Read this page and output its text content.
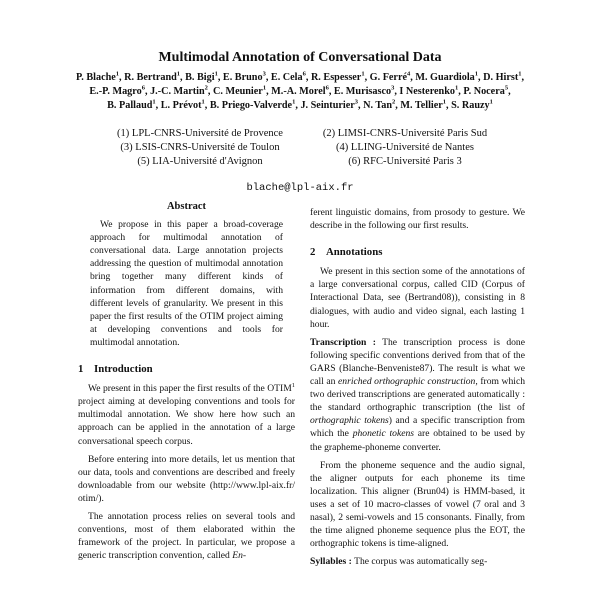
Multimodal Annotation of Conversational Data
P. Blache$^1$, R. Bertrand$^1$, B. Bigi$^1$, E. Bruno$^3$, E. Cela$^6$, R. Espesser$^1$, G. Ferré$^4$, M. Guardiola$^1$, D. Hirst$^1$,
E.-P. Magro$^6$, J.-C. Martin$^2$, C. Meunier$^1$, M.-A. Morel$^6$, E. Murisasco$^3$, I Nesterenko$^1$, P. Nocera$^5$,
B. Pallaud$^1$, L. Prévot$^1$, B. Priego-Valverde$^1$, J. Seinturier$^3$, N. Tan$^2$, M. Tellier$^1$, S. Rauzy$^1$
(1) LPL-CNRS-Université de Provence
(3) LSIS-CNRS-Université de Toulon
(5) LIA-Université d'Avignon
(2) LIMSI-CNRS-Université Paris Sud
(4) LLING-Université de Nantes
(6) RFC-Université Paris 3
blache@lpl-aix.fr
Abstract

We propose in this paper a broad-coverage approach for multimodal annotation of conversational data. Large annotation projects addressing the question of multimodal annotation bring together many different kinds of information from different domains, with different levels of granularity. We present in this paper the first results of the OTIM project aiming at developing conventions and tools for multimodal annotation.

1 Introduction

We present in this paper the first results of the OTIM$^1$ project aiming at developing conventions and tools for multimodal annotation. We show here how such an approach can be applied in the annotation of a large conversational speech corpus.

Before entering into more details, let us mention that our data, tools and conventions are described and freely downloadable from our website (http://www.lpl-aix.fr/ otim/).

The annotation process relies on several tools and conventions, most of them elaborated within the framework of the project. In particular, we propose a generic transcription convention, called En-

ferent linguistic domains, from prosody to gesture. We describe in the following our first results.

2 Annotations

We present in this section some of the annotations of a large conversational corpus, called CID (Corpus of Interactional Data, see (Bertrand08)), consisting in 8 dialogues, with audio and video signal, each lasting 1 hour.

Transcription : The transcription process is done following specific conventions derived from that of the GARS (Blanche-Benveniste87). The result is what we call an enriched orthographic construction, from which two derived transcriptions are generated automatically : the standard orthographic transcription (the list of orthographic tokens) and a specific transcription from which the phonetic tokens are obtained to be used by the grapheme-phoneme converter.

From the phoneme sequence and the audio signal, the aligner outputs for each phoneme its time localization. This aligner (Brun04) is HMM-based, it uses a set of 10 macro-classes of vowel (7 oral and 3 nasal), 2 semi-vowels and 15 consonants. Finally, from the time aligned phoneme sequence plus the EOT, the orthographic tokens is time-aligned.

Syllables : The corpus was automatically seg-
